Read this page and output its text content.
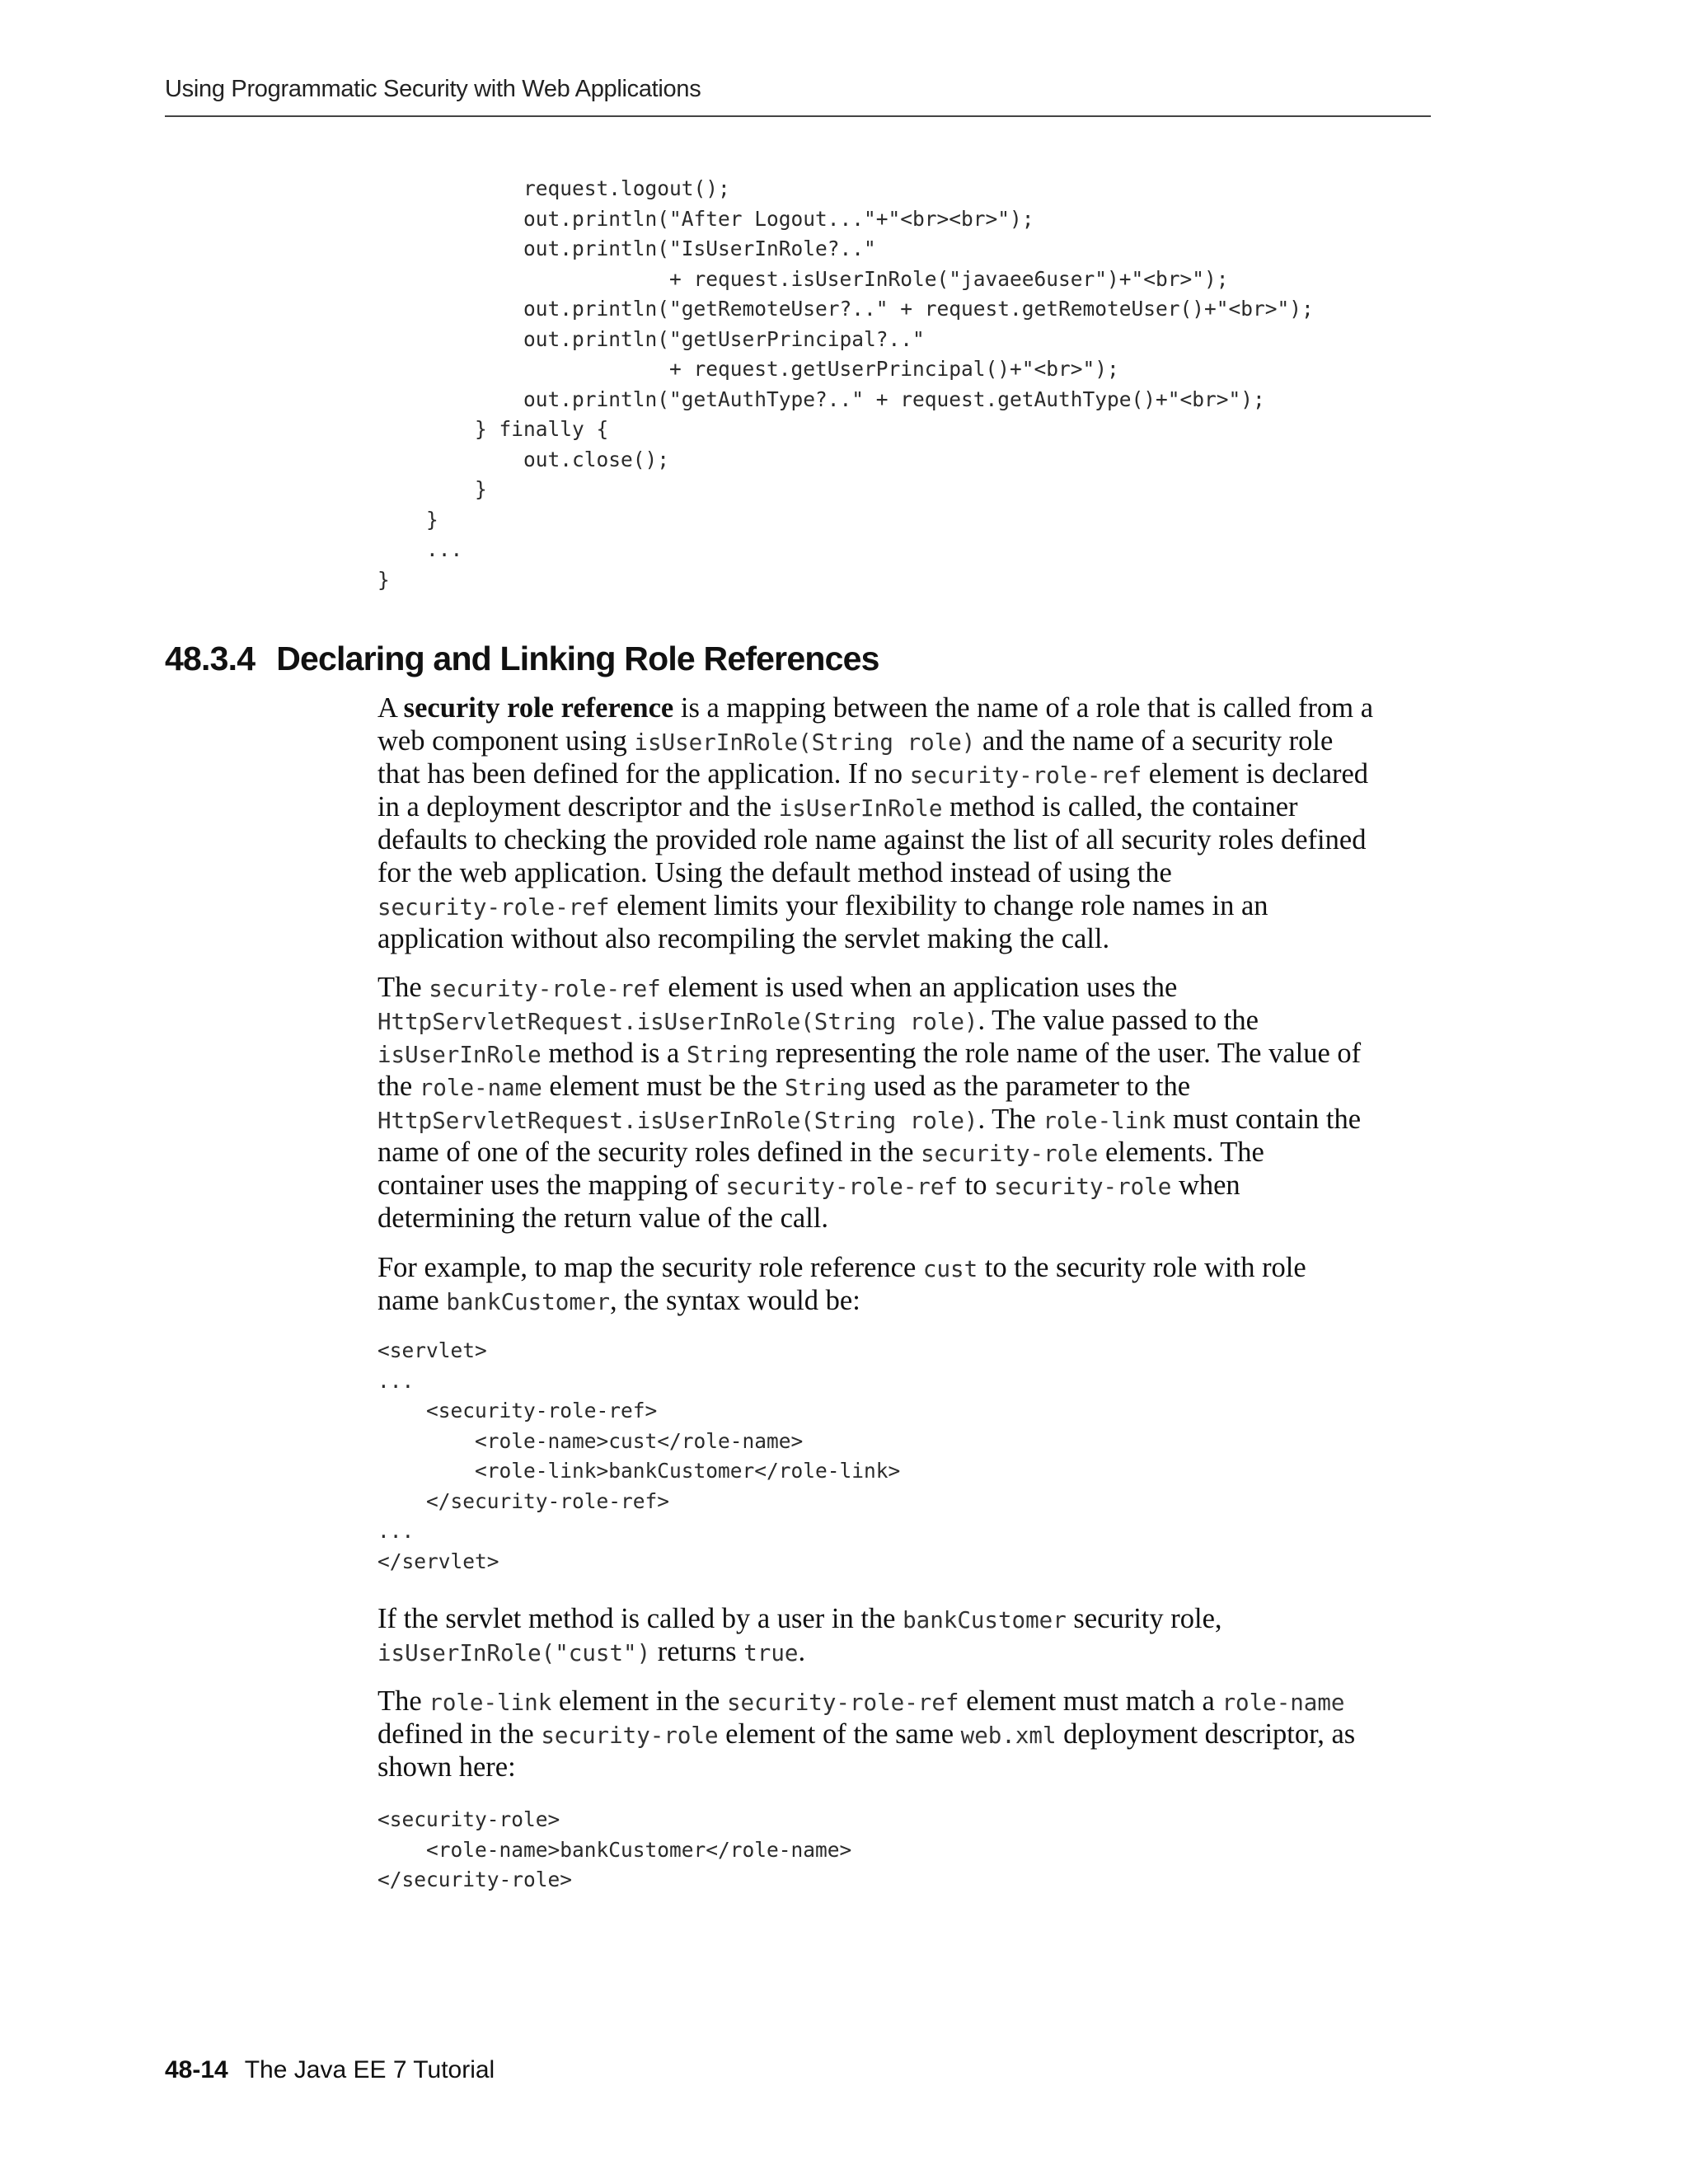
Using Programmatic Security with Web Applications
request.logout();
out.println("After Logout..."+"<br><br>");
out.println("IsUserInRole?.."
+ request.isUserInRole("javaee6user")+"<br>");
out.println("getRemoteUser?.." + request.getRemoteUser()+"<br>");
out.println("getUserPrincipal?.."
+ request.getUserPrincipal()+"<br>");
out.println("getAuthType?.." + request.getAuthType()+"<br>");
} finally {
out.close();
}
}
...
}
48.3.4 Declaring and Linking Role References
A security role reference is a mapping between the name of a role that is called from a
web component using isUserInRole(String role) and the name of a security role
that has been defined for the application. If no security-role-ref element is declared
in a deployment descriptor and the isUserInRole method is called, the container
defaults to checking the provided role name against the list of all security roles defined
for the web application. Using the default method instead of using the
security-role-ref element limits your flexibility to change role names in an
application without also recompiling the servlet making the call.
The security-role-ref element is used when an application uses the
HttpServletRequest.isUserInRole(String role). The value passed to the
isUserInRole method is a String representing the role name of the user. The value of
the role-name element must be the String used as the parameter to the
HttpServletRequest.isUserInRole(String role). The role-link must contain the
name of one of the security roles defined in the security-role elements. The
container uses the mapping of security-role-ref to security-role when
determining the return value of the call.
For example, to map the security role reference cust to the security role with role
name bankCustomer, the syntax would be:
<servlet>
...
<security-role-ref>
<role-name>cust</role-name>
<role-link>bankCustomer</role-link>
</security-role-ref>
...
</servlet>
If the servlet method is called by a user in the bankCustomer security role,
isUserInRole("cust") returns true.
The role-link element in the security-role-ref element must match a role-name
defined in the security-role element of the same web.xml deployment descriptor, as
shown here:
<security-role>
<role-name>bankCustomer</role-name>
</security-role>
48-14 The Java EE 7 Tutorial
